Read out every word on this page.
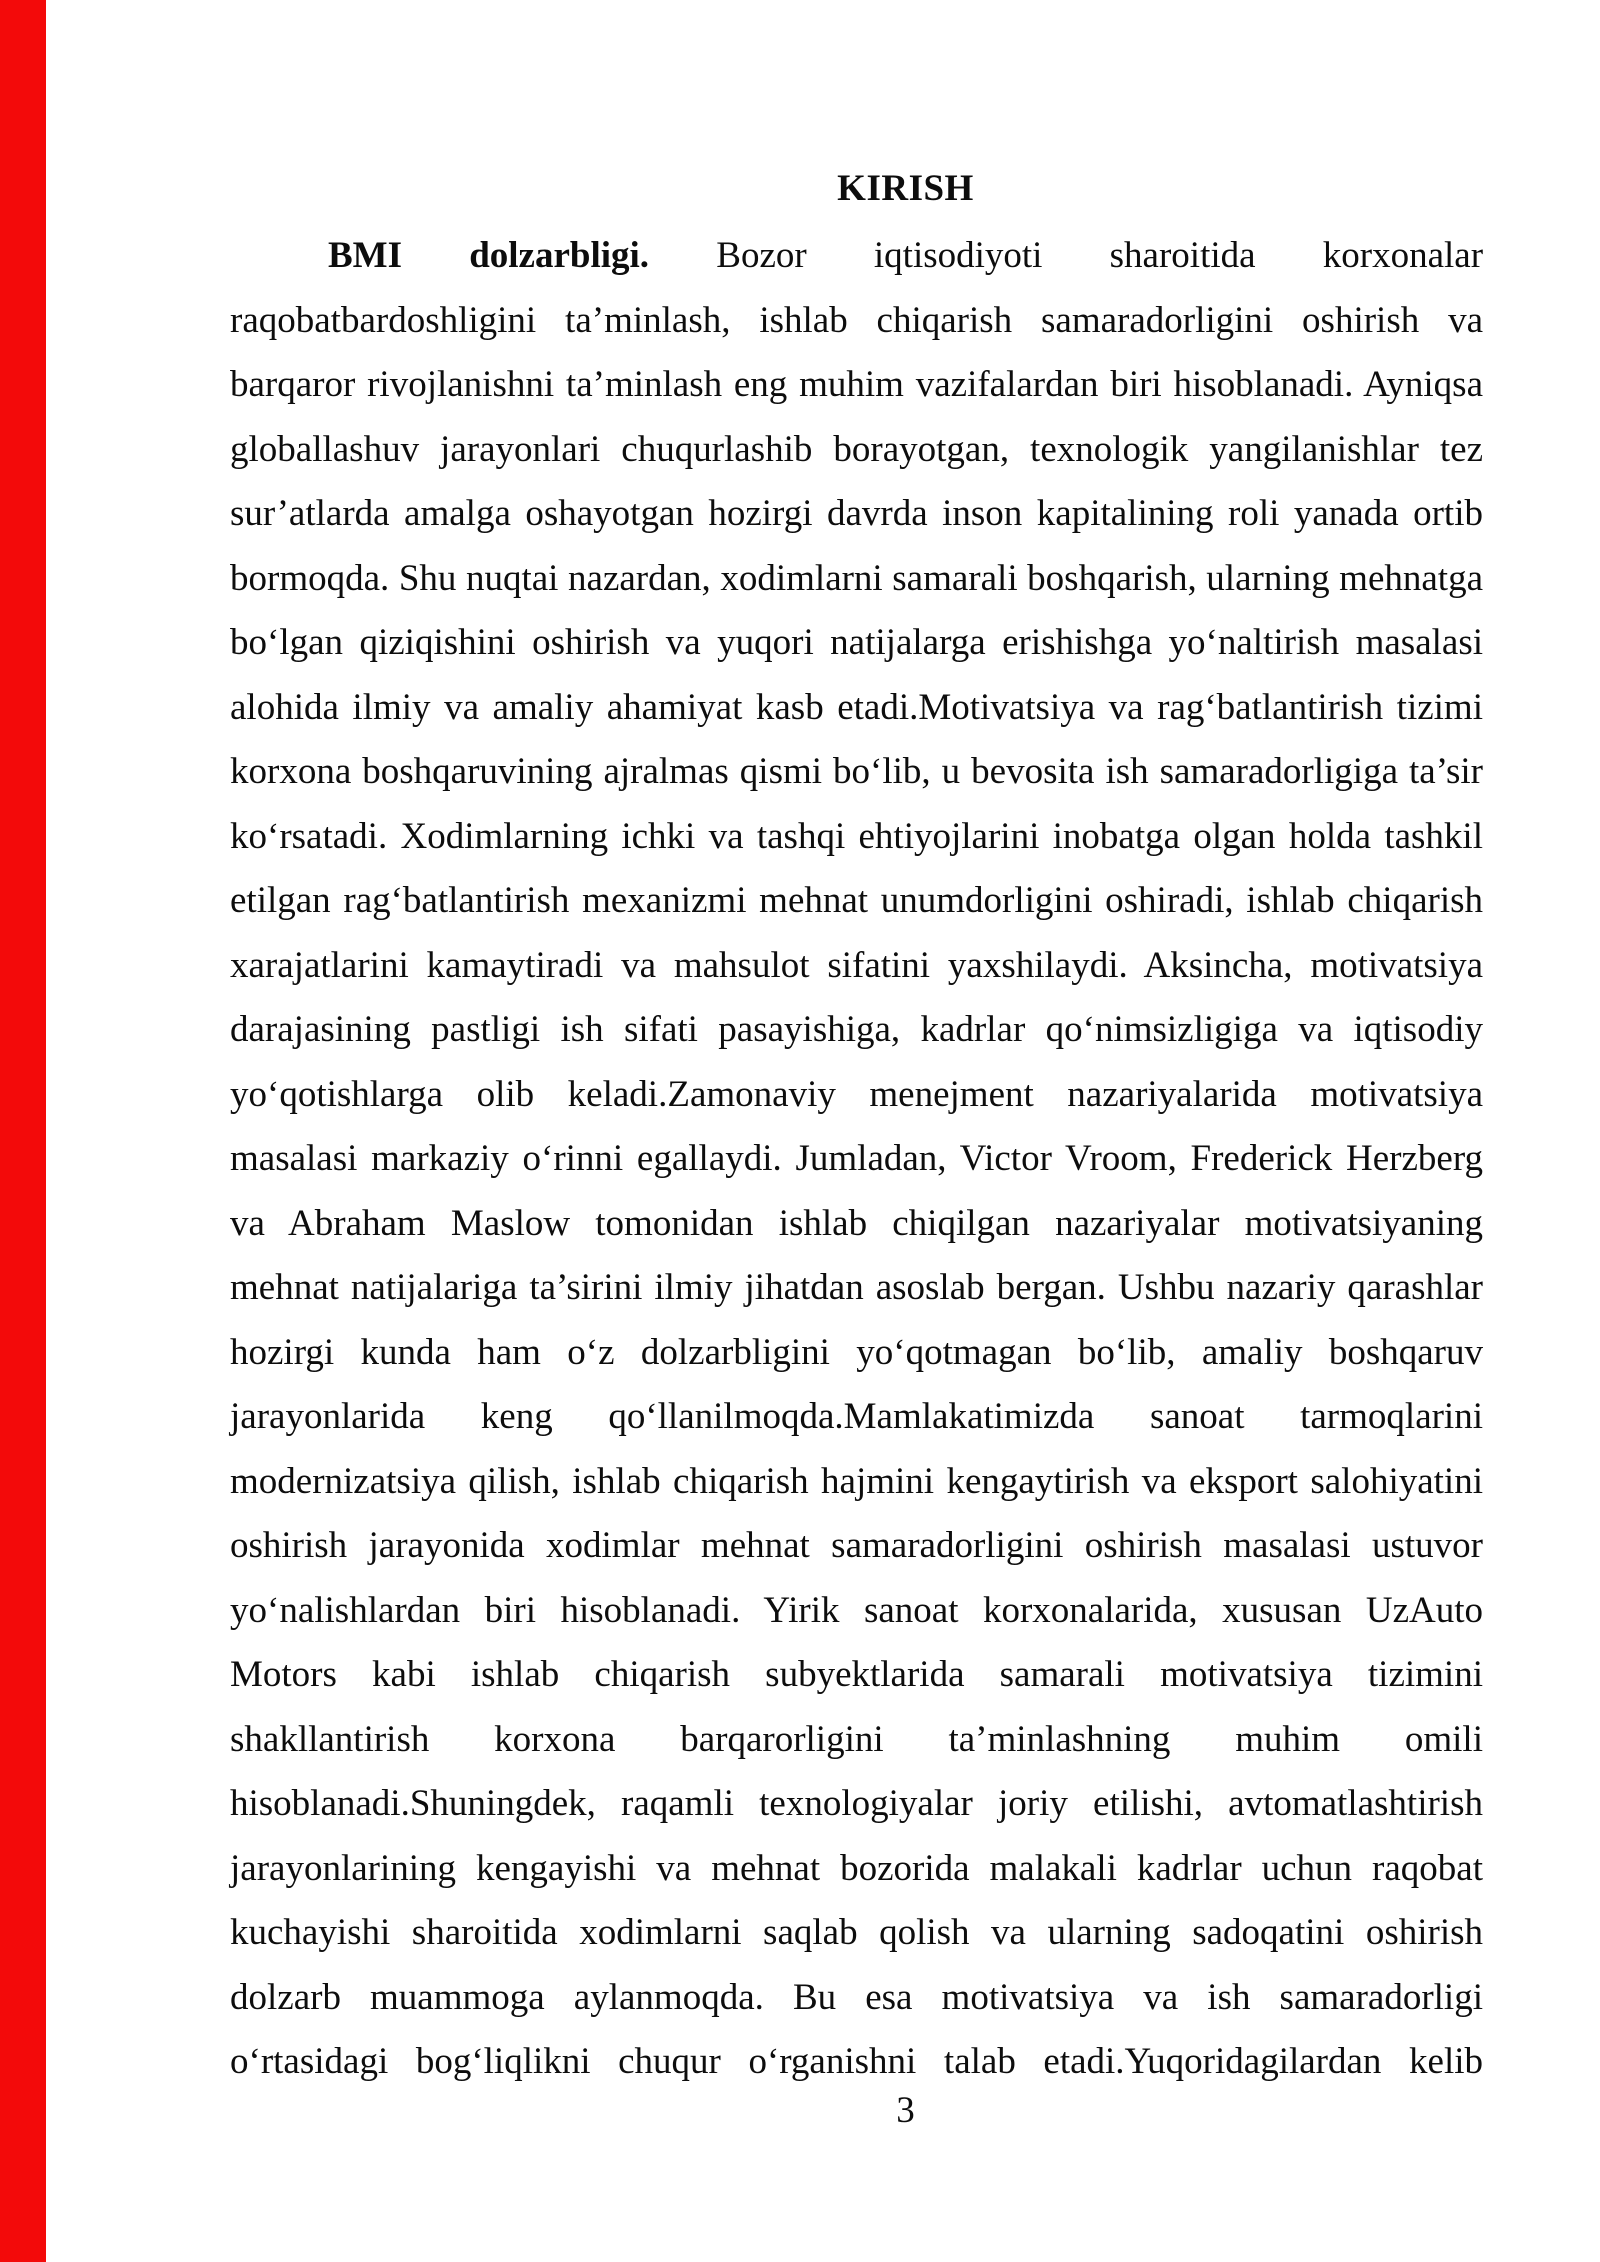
KIRISH
BMI dolzarbligi. Bozor iqtisodiyoti sharoitida korxonalar
raqobatbardoshligini ta’minlash, ishlab chiqarish samaradorligini oshirish va
barqaror rivojlanishni ta’minlash eng muhim vazifalardan biri hisoblanadi. Ayniqsa
globallashuv jarayonlari chuqurlashib borayotgan, texnologik yangilanishlar tez
sur’atlarda amalga oshayotgan hozirgi davrda inson kapitalining roli yanada ortib
bormoqda. Shu nuqtai nazardan, xodimlarni samarali boshqarish, ularning mehnatga
boʻlgan qiziqishini oshirish va yuqori natijalarga erishishga yoʻnaltirish masalasi
alohida ilmiy va amaliy ahamiyat kasb etadi.Motivatsiya va ragʻbatlantirish tizimi
korxona boshqaruvining ajralmas qismi boʻlib, u bevosita ish samaradorligiga ta’sir
koʻrsatadi. Xodimlarning ichki va tashqi ehtiyojlarini inobatga olgan holda tashkil
etilgan ragʻbatlantirish mexanizmi mehnat unumdorligini oshiradi, ishlab chiqarish
xarajatlarini kamaytiradi va mahsulot sifatini yaxshilaydi. Aksincha, motivatsiya
darajasining pastligi ish sifati pasayishiga, kadrlar qoʻnimsizligiga va iqtisodiy
yoʻqotishlarga olib keladi.Zamonaviy menejment nazariyalarida motivatsiya
masalasi markaziy oʻrinni egallaydi. Jumladan, Victor Vroom, Frederick Herzberg
va Abraham Maslow tomonidan ishlab chiqilgan nazariyalar motivatsiyaning
mehnat natijalariga ta’sirini ilmiy jihatdan asoslab bergan. Ushbu nazariy qarashlar
hozirgi kunda ham oʻz dolzarbligini yoʻqotmagan boʻlib, amaliy boshqaruv
jarayonlarida keng qoʻllanilmoqda.Mamlakatimizda sanoat tarmoqlarini
modernizatsiya qilish, ishlab chiqarish hajmini kengaytirish va eksport salohiyatini
oshirish jarayonida xodimlar mehnat samaradorligini oshirish masalasi ustuvor
yoʻnalishlardan biri hisoblanadi. Yirik sanoat korxonalarida, xususan UzAuto
Motors kabi ishlab chiqarish subyektlarida samarali motivatsiya tizimini
shakllantirish korxona barqarorligini ta’minlashning muhim omili
hisoblanadi.Shuningdek, raqamli texnologiyalar joriy etilishi, avtomatlashtirish
jarayonlarining kengayishi va mehnat bozorida malakali kadrlar uchun raqobat
kuchayishi sharoitida xodimlarni saqlab qolish va ularning sadoqatini oshirish
dolzarb muammoga aylanmoqda. Bu esa motivatsiya va ish samaradorligi
oʻrtasidagi bogʻliqlikni chuqur oʻrganishni talab etadi.Yuqoridagilardan kelib
3
